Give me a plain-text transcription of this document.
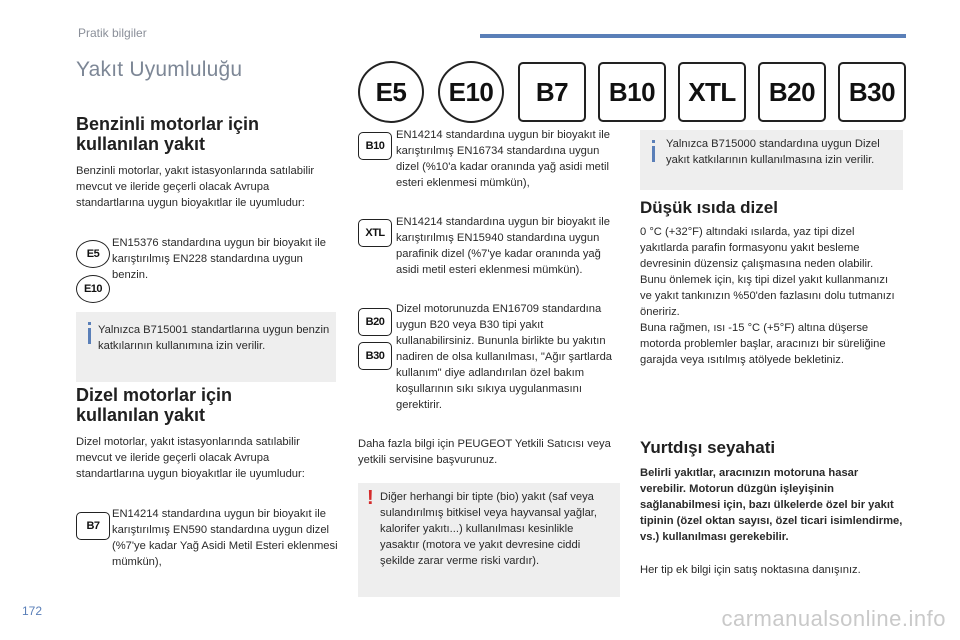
Pratik bilgiler
Yakıt Uyumluluğu
E5	E10	B7	B10	XTL	B20	B30
Benzinli motorlar için
kullanılan yakıt
Benzinli motorlar, yakıt istasyonlarında satılabilir mevcut ve ileride geçerli olacak Avrupa standartlarına uygun bioyakıtlar ile uyumludur:
E5
E10
EN15376 standardına uygun bir bioyakıt ile karıştırılmış EN228 standardına uygun benzin.
Yalnızca B715001 standartlarına uygun benzin katkılarının kullanımına izin verilir.
Dizel motorlar için
kullanılan yakıt
Dizel motorlar, yakıt istasyonlarında satılabilir mevcut ve ileride geçerli olacak Avrupa standartlarına uygun bioyakıtlar ile uyumludur:
B7
EN14214 standardına uygun bir bioyakıt ile karıştırılmış EN590 standardına uygun dizel (%7'ye kadar Yağ Asidi Metil Esteri eklenmesi mümkün),
B10
EN14214 standardına uygun bir bioyakıt ile karıştırılmış EN16734 standardına uygun dizel (%10'a kadar oranında yağ asidi metil esteri eklenmesi mümkün),
XTL
EN14214 standardına uygun bir bioyakıt ile karıştırılmış EN15940 standardına uygun parafinik dizel (%7'ye kadar oranında yağ asidi metil esteri eklenmesi mümkün).
B20
B30
Dizel motorunuzda EN16709 standardına uygun B20 veya B30 tipi yakıt kullanabilirsiniz. Bununla birlikte bu yakıtın nadiren de olsa kullanılması, "Ağır şartlarda kullanım" diye adlandırılan özel bakım koşullarının sıkı sıkıya uygulanmasını gerektirir.
Daha fazla bilgi için PEUGEOT Yetkili Satıcısı veya yetkili servisine başvurunuz.
! Diğer herhangi bir tipte (bio) yakıt (saf veya sulandırılmış bitkisel veya hayvansal yağlar, kalorifer yakıtı...) kullanılması kesinlikle yasaktır (motora ve yakıt devresine ciddi şekilde zarar verme riski vardır).
Yalnızca B715000 standardına uygun Dizel yakıt katkılarının kullanılmasına izin verilir.
Düşük ısıda dizel
0 °C (+32°F) altındaki ısılarda, yaz tipi dizel yakıtlarda parafin formasyonu yakıt besleme devresinin düzensiz çalışmasına neden olabilir. Bunu önlemek için, kış tipi dizel yakıt kullanmanızı ve yakıt tankınızın %50'den fazlasını dolu tutmanızı öneririz.
Buna rağmen, ısı -15 °C (+5°F) altına düşerse motorda problemler başlar, aracınızı bir süreliğine garajda veya ısıtılmış atölyede bekletiniz.
Yurtdışı seyahati
Belirli yakıtlar, aracınızın motoruna hasar verebilir. Motorun düzgün işleyişinin sağlanabilmesi için, bazı ülkelerde özel bir yakıt tipinin (özel oktan sayısı, özel ticari isimlendirme, vs.) kullanılması gerekebilir.
Her tip ek bilgi için satış noktasına danışınız.
172	carmanualsonline.info
